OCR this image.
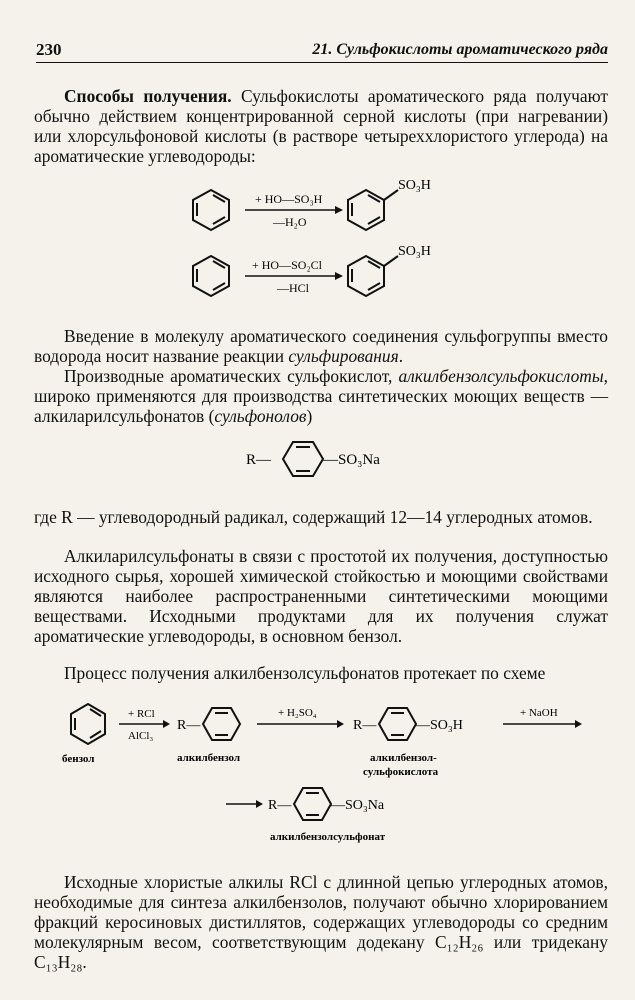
230	21. Сульфокислоты ароматического ряда

Способы получения. Сульфокислоты ароматического ряда получают обычно действием концентрированной серной кислоты (при нагревании) или хлорсульфоновой кислоты (в растворе четыреххлористого углерода) на ароматические углеводороды:

+ HO—SO₃H
—H₂O
SO₃H
+ HO—SO₂Cl
—HCl
SO₃H

Введение в молекулу ароматического соединения сульфогруппы вместо водорода носит название реакции сульфирования.

Производные ароматических сульфокислот, алкилбензолсульфокислоты, широко применяются для производства синтетических моющих веществ — алкиларилсульфонатов (сульфонолов)

R—	—SO₃Na

где R — углеводородный радикал, содержащий 12—14 углеродных атомов.

Алкиларилсульфонаты в связи с простотой их получения, доступностью исходного сырья, хорошей химической стойкостью и моющими свойствами являются наиболее распространенными синтетическими моющими веществами. Исходными продуктами для их получения служат ароматические углеводороды, в основном бензол.

Процесс получения алкилбензолсульфонатов протекает по схеме

бензол
+ RCl
AlCl₃
R—
алкилбензол
+ H₂SO₄
R—	—SO₃H
алкилбензол-
сульфокислота
+ NaOH
R—	—SO₃Na
алкилбензолсульфонат

Исходные хлористые алкилы RCl с длинной цепью углеродных атомов, необходимые для синтеза алкилбензолов, получают обычно хлорированием фракций керосиновых дистиллятов, содержащих углеводороды со средним молекулярным весом, соответствующим додекану C₁₂H₂₆ или тридекану C₁₃H₂₈.
